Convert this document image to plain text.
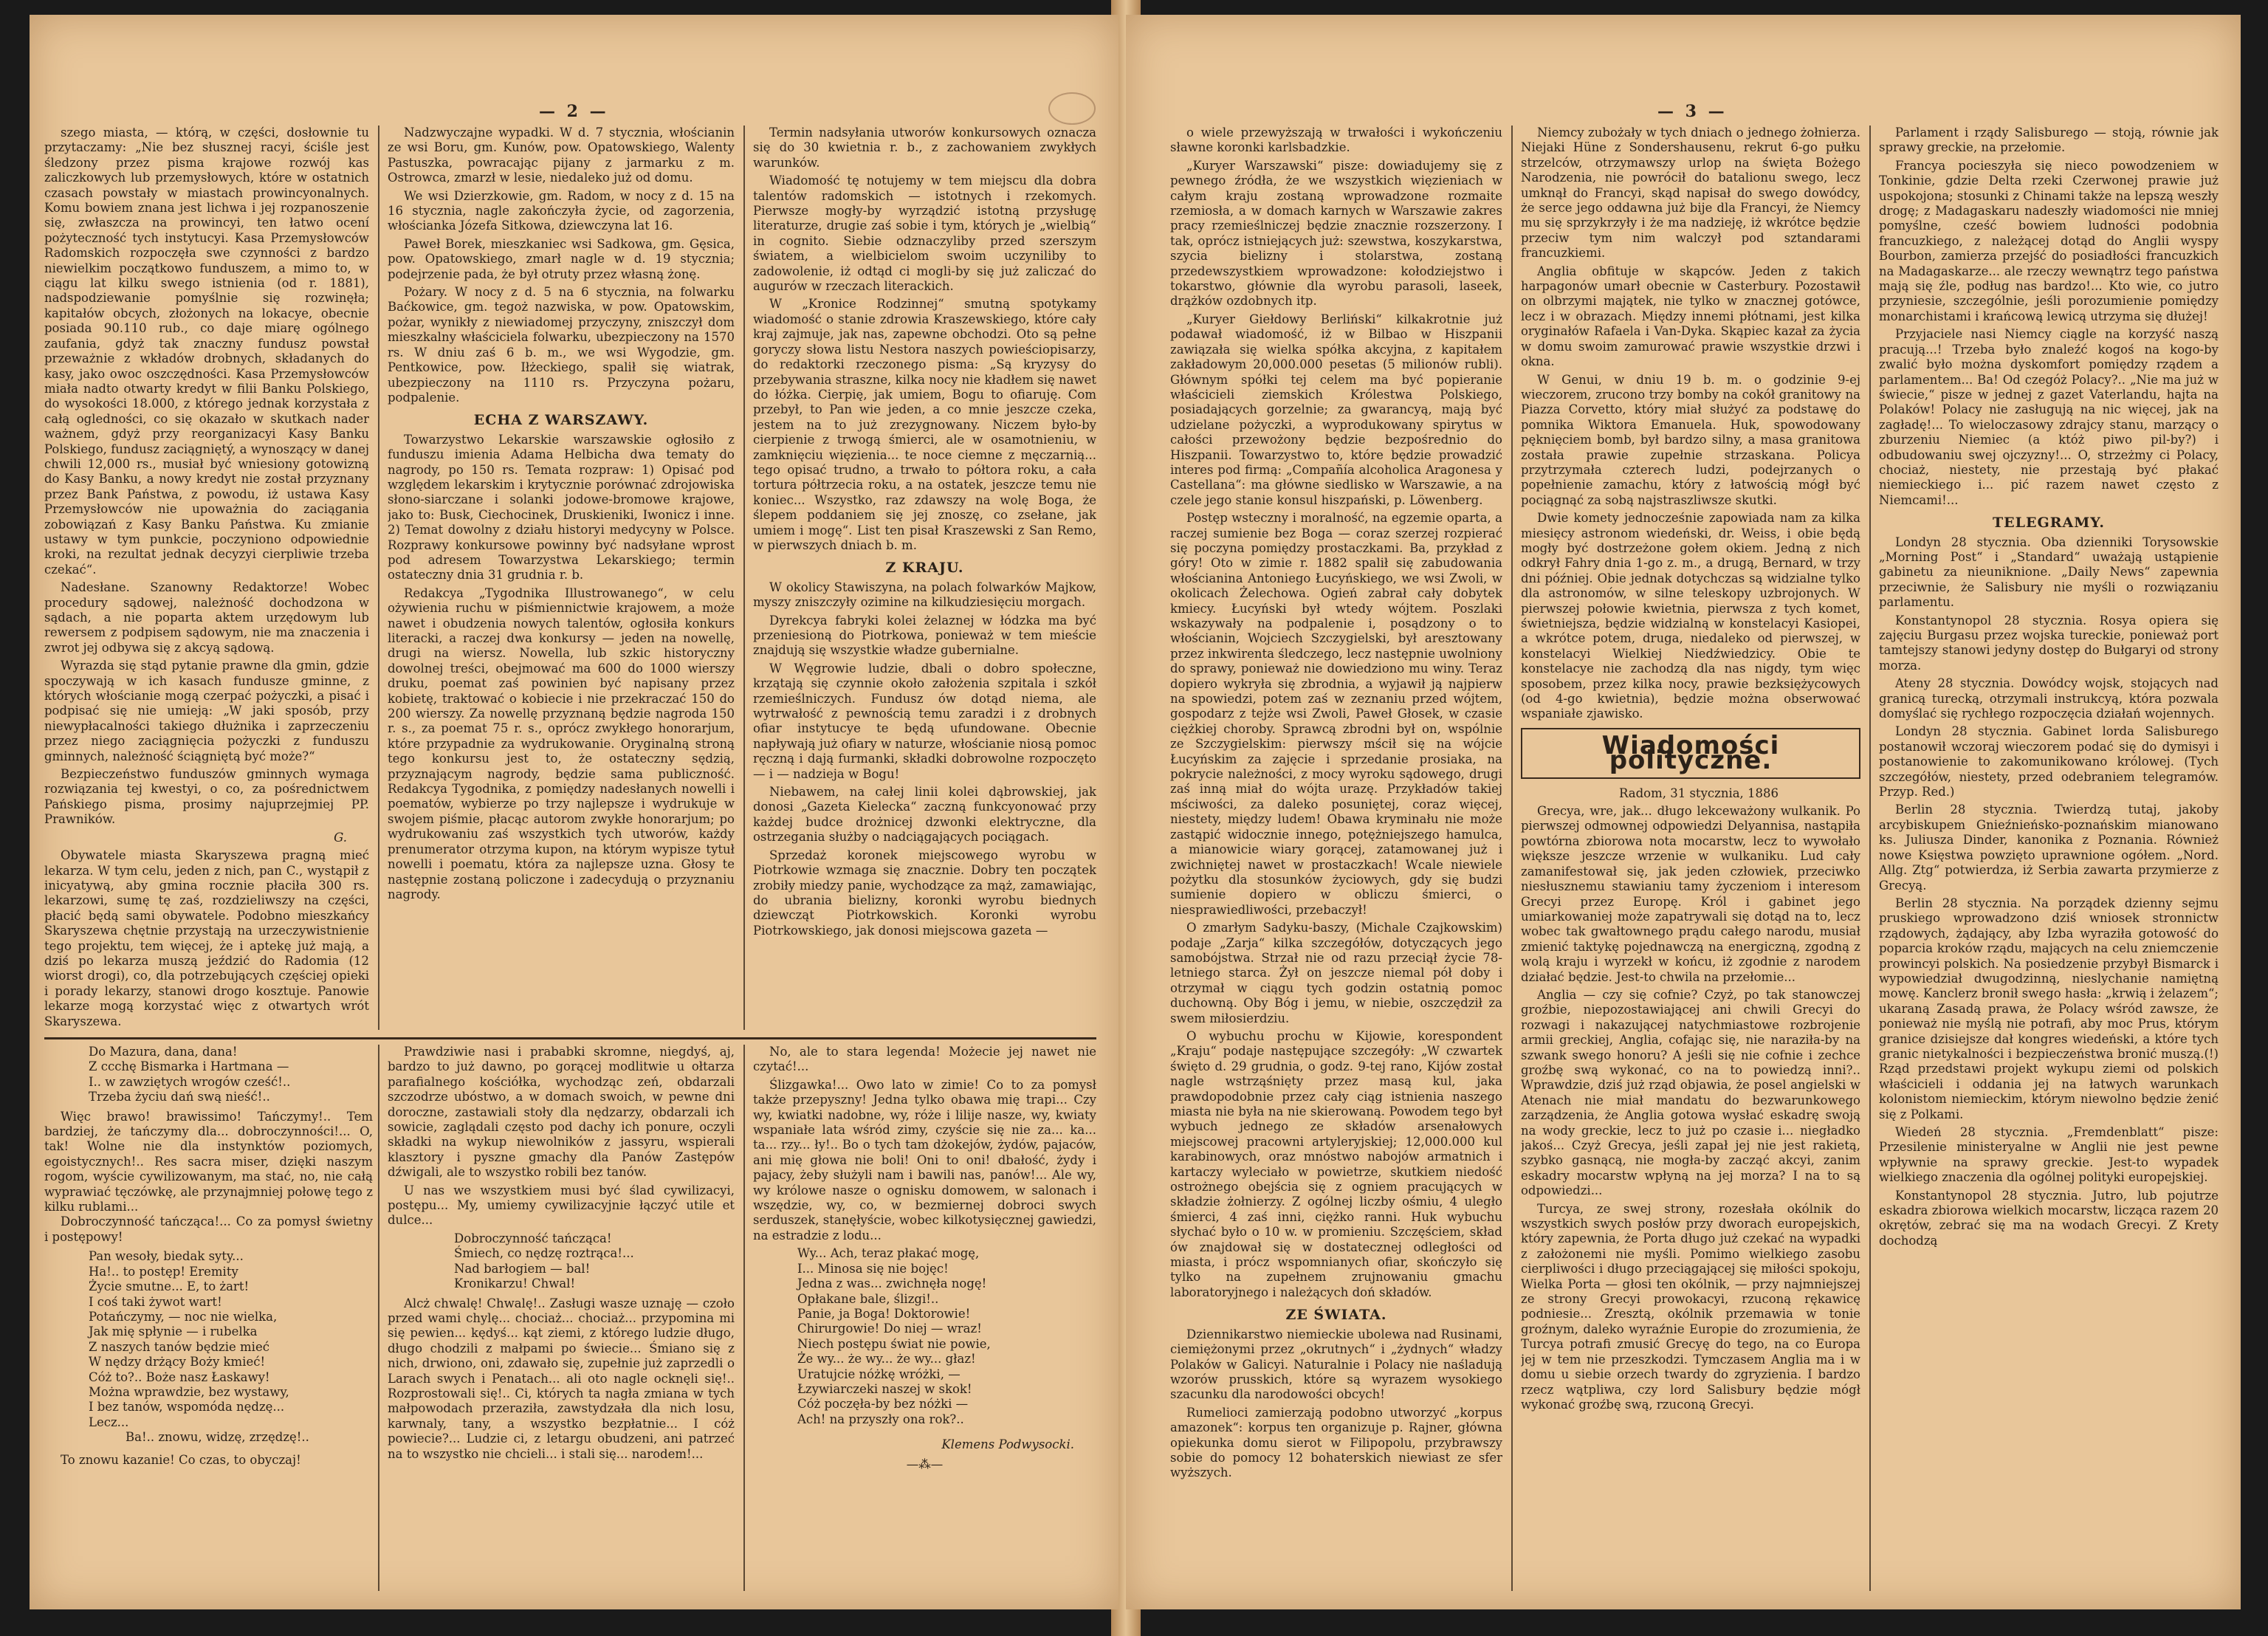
— 2 —

szego miasta, — którą, w części, dosłownie tu przytaczamy: „Nie bez słusznej racyi, ściśle jest śledzony przez pisma krajowe rozwój kas zaliczkowych lub przemysłowych, które w ostatnich czasach powstały w miastach prowincyonalnych. Komu bowiem znana jest lichwa i jej rozpanoszenie się, zwłaszcza na prowincyi, ten łatwo ocení pożyteczność tych instytucyi. Kasa Przemysłowców Radomskich rozpoczęła swe czynności z bardzo niewielkim początkowo funduszem, a mimo to, w ciągu lat kilku swego istnienia (od r. 1881), nadspodziewanie pomyślnie się rozwinęła; kapitałów obcych, złożonych na lokacye, obecnie posiada 90.110 rub., co daje miarę ogólnego zaufania, gdyż tak znaczny fundusz powstał przeważnie z wkładów drobnych, składanych do kasy, jako owoc oszczędności. Kasa Przemysłowców miała nadto otwarty kredyt w filii Banku Polskiego, do wysokości 18.000, z którego jednak korzystała z całą ogledności, co się okazało w skutkach nader ważnem, gdyż przy reorganizacyi Kasy Banku Polskiego, fundusz zaciągniętý, a wynoszący w danej chwili 12,000 rs., musiał być wniesiony gotowizną do Kasy Banku, a nowy kredyt nie został przyznany przez Bank Państwa, z powodu, iż ustawa Kasy Przemysłowców nie upoważnia do zaciągania zobowiązań z Kasy Banku Państwa. Ku zmianie ustawy w tym punkcie, poczyniono odpowiednie kroki, na rezultat jednak decyzyi cierpliwie trzeba czekać“.

Nadesłane. Szanowny Redaktorze! Wobec procedury sądowej, należność dochodzona w sądach, a nie poparta aktem urzędowym lub rewersem z podpisem sądowym, nie ma znaczenia i zwrot jej odbywa się z akcyą sądową.

Wyrazda się stąd pytanie prawne dla gmin, gdzie spoczywają w ich kasach fundusze gminne, z których włościanie mogą czerpać pożyczki, a pisać i podpisać się nie umieją: „W jaki sposób, przy niewypłacalności takiego dłużnika i zaprzeczeniu przez niego zaciągnięcia pożyczki z funduszu gminnych, należność ściągniętą być może?“

Bezpieczeństwo funduszów gminnych wymaga rozwiązania tej kwestyi, o co, za pośrednictwem Pańskiego pisma, prosimy najuprzejmiej PP. Prawników.

G.

Obywatele miasta Skaryszewa pragną mieć lekarza. W tym celu, jeden z nich, pan C., wystąpił z inicyatywą, aby gmina rocznie płaciła 300 rs. lekarzowi, sumę tę zaś, rozdzieliwszy na części, płacić będą sami obywatele. Podobno mieszkańcy Skaryszewa chętnie przystają na urzeczywistnienie tego projektu, tem więcej, że i aptekę już mają, a dziś po lekarza muszą jeździć do Radomia (12 wiorst drogi), co, dla potrzebujących częściej opieki i porady lekarzy, stanowi drogo kosztuje. Panowie lekarze mogą korzystać więc z otwartych wrót Skaryszewa.

Nadzwyczajne wypadki. W d. 7 stycznia, włościanin ze wsi Boru, gm. Kunów, pow. Opatowskiego, Walenty Pastuszka, powracając pijany z jarmarku z m. Ostrowca, zmarzł w lesie, niedaleko już od domu.

We wsi Dzierzkowie, gm. Radom, w nocy z d. 15 na 16 stycznia, nagle zakończyła życie, od zagorzenia, włościanka Józefa Sitkowa, dziewczyna lat 16.

Paweł Borek, mieszkaniec wsi Sadkowa, gm. Gęsica, pow. Opatowskiego, zmarł nagle w d. 19 stycznia; podejrzenie pada, że był otruty przez własną żonę.

Pożary. W nocy z d. 5 na 6 stycznia, na folwarku Baćkowice, gm. tegoż nazwiska, w pow. Opatowskim, pożar, wynikły z niewiadomej przyczyny, zniszczył dom mieszkalny właściciela folwarku, ubezpieczony na 1570 rs. W dniu zaś 6 b. m., we wsi Wygodzie, gm. Pentkowice, pow. Iłżeckiego, spalił się wiatrak, ubezpieczony na 1110 rs. Przyczyna pożaru, podpalenie.

ECHA Z WARSZAWY.

Towarzystwo Lekarskie warszawskie ogłosiło z funduszu imienia Adama Helbicha dwa tematy do nagrody, po 150 rs. Temata rozpraw: 1) Opisać pod względem lekarskim i krytycznie porównać zdrojowiska słono-siarczane i solanki jodowe-bromowe krajowe, jako to: Busk, Ciechocinek, Druskieniki, Iwonicz i inne. 2) Temat dowolny z działu historyi medycyny w Polsce. Rozprawy konkursowe powinny być nadsyłane wprost pod adresem Towarzystwa Lekarskiego; termin ostateczny dnia 31 grudnia r. b.

Redakcya „Tygodnika Illustrowanego“, w celu ożywienia ruchu w piśmiennictwie krajowem, a może nawet i obudzenia nowych talentów, ogłosiła konkurs literacki, a raczej dwa konkursy — jeden na nowellę, drugi na wiersz. Nowella, lub szkic historyczny dowolnej treści, obejmować ma 600 do 1000 wierszy druku, poemat zaś powinien być napisany przez kobietę, traktować o kobiecie i nie przekraczać 150 do 200 wierszy. Za nowellę przyznaną będzie nagroda 150 r. s., za poemat 75 r. s., oprócz zwykłego honorarjum, które przypadnie za wydrukowanie. Oryginalną stroną tego konkursu jest to, że ostateczny sędzią, przyznającym nagrody, będzie sama publiczność. Redakcya Tygodnika, z pomiędzy nadesłanych nowelli i poematów, wybierze po trzy najlepsze i wydrukuje w swojem piśmie, płacąc autorom zwykłe honorarjum; po wydrukowaniu zaś wszystkich tych utworów, każdy prenumerator otrzyma kupon, na którym wypisze tytuł nowelli i poematu, która za najlepsze uzna. Głosy te następnie zostaną policzone i zadecydują o przyznaniu nagrody.

Termin nadsyłania utworów konkursowych oznacza się do 30 kwietnia r. b., z zachowaniem zwykłych warunków.

Wiadomość tę notujemy w tem miejscu dla dobra talentów radomskich — istotnych i rzekomych. Pierwsze mogły-by wyrządzić istotną przysługę literaturze, drugie zaś sobie i tym, których je „wielbią“ in cognito. Siebie odznaczyliby przed szerszym światem, a wielbicielom swoim uczyniliby to zadowolenie, iż odtąd ci mogli-by się już zaliczać do augurów w rzeczach literackich.

W „Kronice Rodzinnej“ smutną spotykamy wiadomość o stanie zdrowia Kraszewskiego, które cały kraj zajmuje, jak nas, zapewne obchodzi. Oto są pełne goryczy słowa listu Nestora naszych powieściopisarzy, do redaktorki rzeczonego pisma: „Są kryzysy do przebywania straszne, kilka nocy nie kładłem się nawet do łóżka. Cierpię, jak umiem, Bogu to ofiaruję. Com przebył, to Pan wie jeden, a co mnie jeszcze czeka, jestem na to już zrezygnowany. Niczem było-by cierpienie z trwogą śmierci, ale w osamotnieniu, w zamknięciu więzienia... te noce ciemne z męczarnią... tego opisać trudno, a trwało to półtora roku, a cała tortura półtrzecia roku, a na ostatek, jeszcze temu nie koniec... Wszystko, raz zdawszy na wolę Boga, że ślepem poddaniem się jej znoszę, co zsełane, jak umiem i mogę“. List ten pisał Kraszewski z San Remo, w pierwszych dniach b. m.

Z KRAJU.

W okolicy Stawiszyna, na polach folwarków Majkow, myszy zniszczyły ozimine na kilkudziesięciu morgach.

Dyrekcya fabryki kolei żelaznej w łódzka ma być przeniesioną do Piotrkowa, ponieważ w tem mieście znajdują się wszystkie władze gubernialne.

W Węgrowie ludzie, dbali o dobro społeczne, krzątają się czynnie około założenia szpitala i szkół rzemieślniczych. Fundusz ów dotąd niema, ale wytrwałość z pewnością temu zaradzi i z drobnych ofiar instytucye te będą ufundowane. Obecnie napływają już ofiary w naturze, włościanie niosą pomoc ręczną i dają furmanki, składki dobrowolne rozpoczęto — i — nadzieja w Bogu!

Niebawem, na całej linii kolei dąbrowskiej, jak donosi „Gazeta Kielecka“ zaczną funkcyonować przy każdej budce drożnicej dzwonki elektryczne, dla ostrzegania służby o nadciągających pociągach.

Sprzedaż koronek miejscowego wyrobu w Piotrkowie wzmaga się znacznie. Dobry ten początek zrobiły miedzy panie, wychodzące za mąż, zamawiając, do ubrania bielizny, koronki wyrobu biednych dziewcząt Piotrkowskich. Koronki wyrobu Piotrkowskiego, jak donosi miejscowa gazeta —

Do Mazura, dana, dana!

Z ccchę Bismarka i Hartmana —

I.. w zawziętych wrogów cześć!..

Trzeba życiu dań swą nieść!..

Więc brawo! brawissimo! Tańczymy!.. Tem bardziej, że tańczymy dla... dobroczynności!... O, tak! Wolne nie dla instynktów poziomych, egoistycznych!.. Res sacra miser, dzięki naszym rogom, wyście cywilizowanym, ma stać, no, nie całą wyprawiać tęczówkę, ale przynajmniej połowę tego z kilku rublami...

Dobroczynność tańcząca!... Co za pomysł świetny i postępowy!

Pan wesoły, biedak syty...

Ha!.. to postęp! Eremity

Życie smutne... E, to żart!

I coś taki żywot wart!

Potańczymy, — noc nie wielka,

Jak mię spłynie — i rubelka

Z naszych tanów będzie mieć

W nędzy drżący Boży kmieć!

Cóż to?.. Boże nasz Łaskawy!

Można wprawdzie, bez wystawy,

I bez tanów, wspomóda nędzę...

Lecz...

Ba!.. znowu, widzę, zrzędzę!..

To znowu kazanie! Co czas, to obyczaj!

Prawdziwie nasi i prababki skromne, niegdyś, aj, bardzo to już dawno, po gorącej modlitwie u ołtarza parafialnego kościółka, wychodząc zeń, obdarzali szczodrze ubóstwo, a w domach swoich, w pewne dni doroczne, zastawiali stoły dla nędzarzy, obdarzali ich sowicie, zaglądali często pod dachy ich ponure, oczyli składki na wykup niewolników z jassyru, wspierali klasztory i pyszne gmachy dla Panów Zastępów dźwigali, ale to wszystko robili bez tanów.

U nas we wszystkiem musi być ślad cywilizacyi, postępu... My, umiemy cywilizacyjnie łączyć utile et dulce...

Dobroczynność tańcząca!

Śmiech, co nędzę roztrąca!...

Nad barłogiem — bal!

Kronikarzu! Chwal!

Alcż chwalę! Chwalę!.. Zasługi wasze uznaję — czoło przed wami chylę... chociaż... chociaż... przypomina mi się pewien... kędyś... kąt ziemi, z którego ludzie długo, długo chodzili z małpami po świecie... Śmiano się z nich, drwiono, oni, zdawało się, zupełnie już zaprzedli o Larach swych i Penatach... ali oto nagle ocknęli się!.. Rozprostowali się!.. Ci, których ta nagła zmiana w tych małpowodach przeraziła, zawstydzała dla nich losu, karwnaly, tany, a wszystko bezpłatnie... I cóż powiecie?... Ludzie ci, z letargu obudzeni, ani patrzeć na to wszystko nie chcieli... i stali się... narodem!...

No, ale to stara legenda! Możecie jej nawet nie czytać!...

Ślizgawka!... Owo lato w zimie! Co to za pomysł także przepyszny! Jedna tylko obawa mię trapi... Czy wy, kwiatki nadobne, wy, róże i lilije nasze, wy, kwiaty wspaniałe lata wśród zimy, czyście się nie za... ka... ta... rzy... ły!.. Bo o tych tam dżokejów, żydów, pajaców, ani mię głowa nie boli! Oni to oni! dbałość, żydy i pajacy, żeby służyli nam i bawili nas, panów!... Ale wy, wy królowe nasze o ognisku domowem, w salonach i wszędzie, wy, co, w bezmiernej dobroci swych serduszek, stanęłyście, wobec kilkotysięcznej gawiedzi, na estradzie z lodu...

Wy... Ach, teraz płakać mogę,

I... Minosa się nie bojęc!

Jedna z was... zwichnęła nogę!

Opłakane bale, ślizgi!..

Panie, ja Boga! Doktorowie!

Chirurgowie! Do niej — wraz!

Niech postępu świat nie powie,

Że wy... że wy... że wy... głaz!

Uratujcie nóżkę wróżki, —

Łzywiarczeki naszej w skok!

Cóż poczęła-by bez nóżki —

Ach! na przyszły ona rok?..

Klemens Podwysocki.

—⁂—

— 3 —

o wiele przewyższają w trwałości i wykończeniu sławne koronki karlsbadzkie.

„Kuryer Warszawski“ pisze: dowiadujemy się z pewnego źródła, że we wszystkich więzieniach w całym kraju zostaną wprowadzone rozmaite rzemiosła, a w domach karnych w Warszawie zakres pracy rzemieślniczej będzie znacznie rozszerzony. I tak, oprócz istniejących już: szewstwa, koszykarstwa, szycia bielizny i stolarstwa, zostaną przedewszystkiem wprowadzone: kołodziejstwo i tokarstwo, głównie dla wyrobu parasoli, laseek, drążków ozdobnych itp.

„Kuryer Giełdowy Berliński“ kilkakrotnie już podawał wiadomość, iż w Bilbao w Hiszpanii zawiązała się wielka spółka akcyjna, z kapitałem zakładowym 20,000.000 pesetas (5 milionów rubli). Głównym spółki tej celem ma być popieranie właścicieli ziemskich Królestwa Polskiego, posiadających gorzelnie; za gwarancyą, mają być udzielane pożyczki, a wyprodukowany spirytus w całości przewożony będzie bezpośrednio do Hiszpanii. Towarzystwo to, które będzie prowadzić interes pod firmą: „Compañía alcoholica Aragonesa y Castellana“: ma główne siedlisko w Warszawie, a na czele jego stanie konsul hiszpański, p. Löwenberg.

Postęp wsteczny i moralność, na egzemie oparta, a raczej sumienie bez Boga — coraz szerzej rozpierać się poczyna pomiędzy prostaczkami. Ba, przykład z góry! Oto w zimie r. 1882 spalił się zabudowania włościanina Antoniego Łucyńskiego, we wsi Zwoli, w okolicach Żelechowa. Ogień zabrał cały dobytek kmiecy. Łucyński był wtedy wójtem. Poszlaki wskazywały na podpalenie i, posądzony o to włościanin, Wojciech Szczygielski, był aresztowany przez inkwirenta śledczego, lecz następnie uwolniony do sprawy, ponieważ nie dowiedziono mu winy. Teraz dopiero wykryła się zbrodnia, a wyjawił ją najpierw na spowiedzi, potem zaś w zeznaniu przed wójtem, gospodarz z tejże wsi Zwoli, Paweł Głosek, w czasie ciężkiej choroby. Sprawcą zbrodni był on, wspólnie ze Szczygielskim: pierwszy mścił się na wójcie Łucyńskim za zajęcie i sprzedanie prosiaka, na pokrycie należności, z mocy wyroku sądowego, drugi zaś inną miał do wójta urazę. Przykładów takiej mściwości, za daleko posuniętej, coraz więcej, niestety, między ludem! Obawa kryminału nie może zastąpić widocznie innego, potężniejszego hamulca, a mianowicie wiary gorącej, zatamowanej już i zwichniętej nawet w prostaczkach! Wcale niewiele pożytku dla stosunków życiowych, gdy się budzi sumienie dopiero w obliczu śmierci, o niesprawiedliwości, przebaczył!

O zmarłym Sadyku-baszy, (Michale Czajkowskim) podaje „Zarja“ kilka szczegółów, dotyczących jego samobójstwa. Strzał nie od razu przeciął życie 78-letniego starca. Żył on jeszcze niemal pół doby i otrzymał w ciągu tych godzin ostatnią pomoc duchowną. Oby Bóg i jemu, w niebie, oszczędził za swem miłosierdziu.

O wybuchu prochu w Kijowie, korespondent „Kraju“ podaje następujące szczegóły: „W czwartek święto d. 29 grudnia, o godz. 9-tej rano, Kijów został nagle wstrząśnięty przez masą kul, jaka prawdopodobnie przez cały ciąg istnienia naszego miasta nie była na nie skierowaną. Powodem tego był wybuch jednego ze składów arsenałowych miejscowej pracowni artyleryjskiej; 12,000.000 kul karabinowych, oraz mnóstwo nabojów armatnich i kartaczy wyleciało w powietrze, skutkiem niedość ostrożnego obejścia się z ogniem pracujących w składzie żołnierzy. Z ogólnej liczby ośmiu, 4 uległo śmierci, 4 zaś inni, ciężko ranni. Huk wybuchu słychać było o 10 w. w promieniu. Szczęściem, skład ów znajdował się w dostatecznej odległości od miasta, i prócz wspomnianych ofiar, skończyło się tylko na zupełnem zrujnowaniu gmachu laboratoryjnego i należących doń składów.

ZE ŚWIATA.

Dziennikarstwo niemieckie ubolewa nad Rusinami, ciemiężonymi przez „okrutnych“ i „żydnych“ władzy Polaków w Galicyi. Naturalnie i Polacy nie naśladują wzorów prusskich, które są wyrazem wysokiego szacunku dla narodowości obcych!

Rumelioci zamierzają podobno utworzyć „korpus amazonek“: korpus ten organizuje p. Rajner, główna opiekunka domu sierot w Filipopolu, przybrawszy sobie do pomocy 12 bohaterskich niewiast ze sfer wyższych.

Niemcy zubożały w tych dniach o jednego żołnierza. Niejaki Hüne z Sondershausenu, rekrut 6-go pułku strzelców, otrzymawszy urlop na święta Bożego Narodzenia, nie powrócił do batalionu swego, lecz umknął do Francyi, skąd napisał do swego dowódcy, że serce jego oddawna już bije dla Francyi, że Niemcy mu się sprzykrzyły i że ma nadzieję, iż wkrótce będzie przeciw tym nim walczył pod sztandarami francuzkiemi.

Anglia obfituje w skąpców. Jeden z takich harpagonów umarł obecnie w Casterbury. Pozostawił on olbrzymi majątek, nie tylko w znacznej gotówce, lecz i w obrazach. Między innemi płótnami, jest kilka oryginałów Rafaela i Van-Dyka. Skąpiec kazał za życia w domu swoim zamurować prawie wszystkie drzwi i okna.

W Genui, w dniu 19 b. m. o godzinie 9-ej wieczorem, zrucono trzy bomby na cokół granitowy na Piazza Corvetto, który miał służyć za podstawę do pomnika Wiktora Emanuela. Huk, spowodowany pęknięciem bomb, był bardzo silny, a masa granitowa została prawie zupełnie strzaskana. Policya przytrzymała czterech ludzi, podejrzanych o popełnienie zamachu, który z łatwością mógł być pociągnąć za sobą najstraszliwsze skutki.

Dwie komety jednocześnie zapowiada nam za kilka miesięcy astronom wiedeński, dr. Weiss, i obie będą mogły być dostrzeżone gołem okiem. Jedną z nich odkrył Fahry dnia 1-go z. m., a drugą, Bernard, w trzy dni później. Obie jednak dotychczas są widzialne tylko dla astronomów, w silne teleskopy uzbrojonych. W pierwszej połowie kwietnia, pierwsza z tych komet, świetniejsza, będzie widzialną w konstelacyi Kasiopei, a wkrótce potem, druga, niedaleko od pierwszej, w konstelacyi Wielkiej Niedźwiedzicy. Obie te konstelacye nie zachodzą dla nas nigdy, tym więc sposobem, przez kilka nocy, prawie bezksiężycowych (od 4-go kwietnia), będzie można obserwować wspaniałe zjawisko.

Wiadomości polityczne.

Radom, 31 stycznia, 1886

Grecya, wre, jak... długo lekceważony wulkanik. Po pierwszej odmownej odpowiedzi Delyannisa, nastąpiła powtórna zbiorowa nota mocarstw, lecz to wywołało większe jeszcze wrzenie w wulkaniku. Lud cały zamanifestował się, jak jeden człowiek, przeciwko niesłusznemu stawianiu tamy życzeniom i interesom Grecyi przez Europę. Król i gabinet jego umiarkowaniej może zapatrywali się dotąd na to, lecz wobec tak gwałtownego prądu całego narodu, musiał zmienić taktykę pojednawczą na energiczną, zgodną z wolą kraju i wyrzekł w końcu, iż zgodnie z narodem działać będzie. Jest-to chwila na przełomie...

Anglia — czy się cofnie? Czyż, po tak stanowczej groźbie, niepozostawiającej ani chwili Grecyi do rozwagi i nakazującej natychmiastowe rozbrojenie armii greckiej, Anglia, cofając się, nie naraziła-by na szwank swego honoru? A jeśli się nie cofnie i zechce groźbę swą wykonać, co na to powiedzą inni?.. Wprawdzie, dziś już rząd objawia, że posel angielski w Atenach nie miał mandatu do bezwarunkowego zarządzenia, że Anglia gotowa wysłać eskadrę swoją na wody greckie, lecz to już po czasie i... niegładko jakoś... Czyż Grecya, jeśli zapał jej nie jest rakietą, szybko gasnącą, nie mogła-by zacząć akcyi, zanim eskadry mocarstw wpłyną na jej morza? I na to są odpowiedzi...

Turcya, ze swej strony, rozesłała okólnik do wszystkich swych posłów przy dworach europejskich, który zapewnia, że Porta długo już czekać na wypadki z założonemi nie myśli. Pomimo wielkiego zasobu cierpliwości i długo przeciągającej się miłości spokoju, Wielka Porta — głosi ten okólnik, — przy najmniejszej ze strony Grecyi prowokacyi, rzuconą rękawicę podniesie... Zresztą, okólnik przemawia w tonie groźnym, daleko wyraźnie Europie do zrozumienia, że Turcya potrafi zmusić Grecyę do tego, na co Europa jej w tem nie przeszkodzi. Tymczasem Anglia ma i w domu u siebie orzech twardy do zgryzienia. I bardzo rzecz wątpliwa, czy lord Salisbury będzie mógł wykonać groźbę swą, rzuconą Grecyi.

Parlament i rządy Salisburego — stoją, równie jak sprawy greckie, na przełomie.

Francya pocieszyła się nieco powodzeniem w Tonkinie, gdzie Delta rzeki Czerwonej prawie już uspokojona; stosunki z Chinami także na lepszą weszły drogę; z Madagaskaru nadeszły wiadomości nie mniej pomyślne, cześć bowiem ludności podobnia francuzkiego, z należącej dotąd do Anglii wyspy Bourbon, zamierza przejść do posiadłości francuzkich na Madagaskarze... ale rzeczy wewnątrz tego państwa mają się źle, podług nas bardzo!... Kto wie, co jutro przyniesie, szczególnie, jeśli porozumienie pomiędzy monarchistami i krańcową lewicą utrzyma się dłużej!

Przyjaciele nasi Niemcy ciągle na korzyść naszą pracują...! Trzeba było znaleźć kogoś na kogo-by zwalić było można dyskomfort pomiędzy rządem a parlamentem... Ba! Od czegóż Polacy?.. „Nie ma już w świecie,“ pisze w jednej z gazet Vaterlandu, hajta na Polaków! Polacy nie zasługują na nic więcej, jak na zagładę!... To wieloczasowy zdrajcy stanu, marzący o zburzeniu Niemiec (a któż piwo pil-by?) i odbudowaniu swej ojczyzny!... O, strzeżmy ci Polacy, chociaż, niestety, nie przestają być płakać niemieckiego i... pić razem nawet często z Niemcami!...

TELEGRAMY.

Londyn 28 stycznia. Oba dzienniki Torysowskie „Morning Post“ i „Standard“ uważają ustąpienie gabinetu za nieuniknione. „Daily News“ zapewnia przeciwnie, że Salisbury nie myśli o rozwiązaniu parlamentu.

Konstantynopol 28 stycznia. Rosya opiera się zajęciu Burgasu przez wojska tureckie, ponieważ port tamtejszy stanowi jedyny dostęp do Bułgaryi od strony morza.

Ateny 28 stycznia. Dowódcy wojsk, stojących nad granicą turecką, otrzymali instrukcyą, która pozwala domyślać się rychłego rozpoczęcia działań wojennych.

Londyn 28 stycznia. Gabinet lorda Salisburego postanowił wczoraj wieczorem podać się do dymisyi i postanowienie to zakomunikowano królowej. (Tych szczegółów, niestety, przed odebraniem telegramów. Przyp. Red.)

Berlin 28 stycznia. Twierdzą tutaj, jakoby arcybiskupem Gnieźnieńsko-poznańskim mianowano ks. Juliusza Dinder, kanonika z Poznania. Również nowe Księstwa powzięto uprawnione ogółem. „Nord. Allg. Ztg“ potwierdza, iż Serbia zawarta przymierze z Grecyą.

Berlin 28 stycznia. Na porządek dzienny sejmu pruskiego wprowadzono dziś wniosek stronnictw rządowych, żądający, aby Izba wyraziła gotowość do poparcia kroków rządu, mających na celu zniemczenie prowincyi polskich. Na posiedzenie przybył Bismarck i wypowiedział dwugodzinną, nieslychanie namiętną mowę. Kanclerz bronił swego hasła: „krwią i żelazem“; ukaraną Zasadą prawa, że Polacy wśród zawsze, że ponieważ nie myślą nie potrafi, aby moc Prus, którym granice dzisiejsze dał kongres wiedeński, a które tych granic nietykalności i bezpieczeństwa bronić muszą.(!) Rząd przedstawi projekt wykupu ziemi od polskich właścicieli i oddania jej na łatwych warunkach kolonistom niemieckim, którym niewolno będzie żenić się z Polkami.

Wiedeń 28 stycznia. „Fremdenblatt“ pisze: Przesilenie ministeryalne w Anglii nie jest pewne wpływnie na sprawy greckie. Jest-to wypadek wielkiego znaczenia dla ogólnej polityki europejskiej.

Konstantynopol 28 stycznia. Jutro, lub pojutrze eskadra zbiorowa wielkich mocarstw, licząca razem 20 okrętów, zebrać się ma na wodach Grecyi. Z Krety dochodzą
